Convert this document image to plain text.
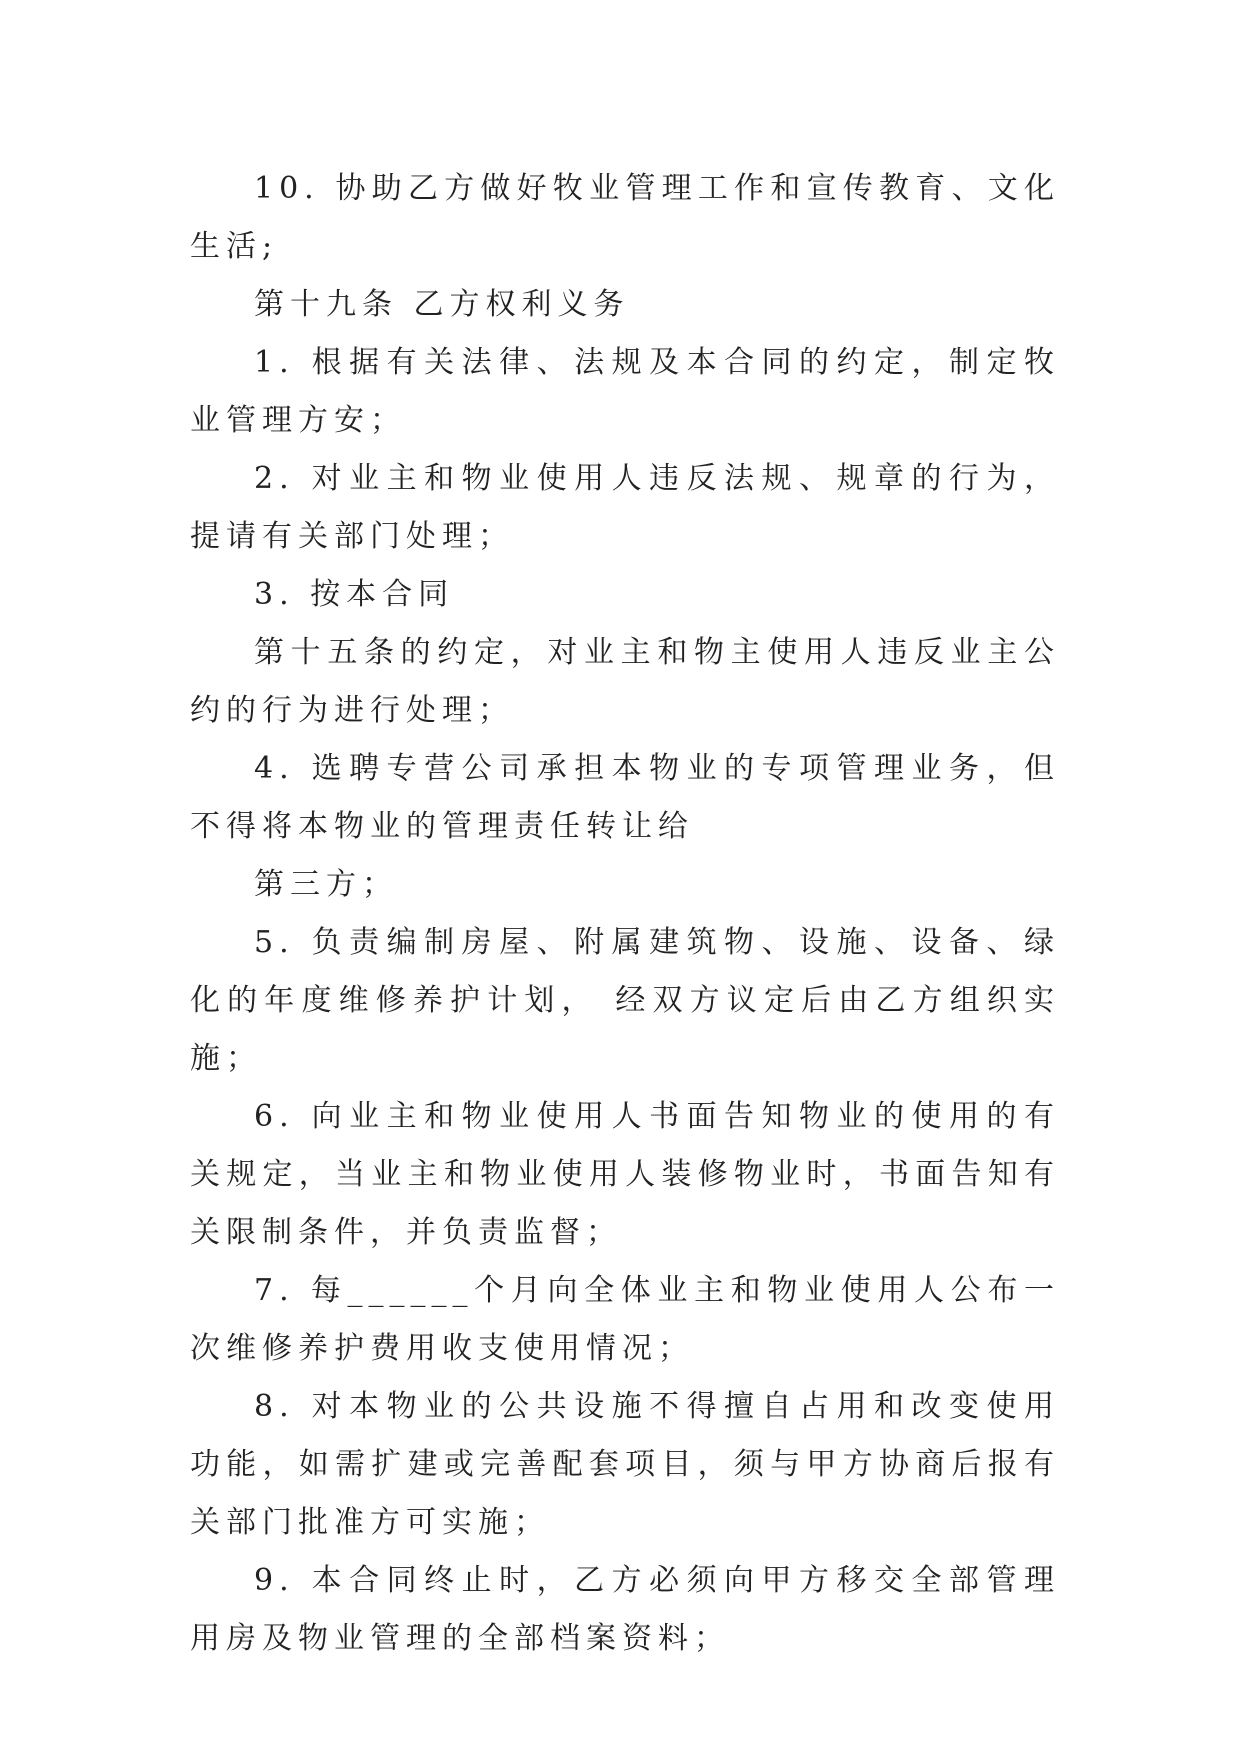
10. 协助乙方做好牧业管理工作和宣传教育、文化生活;

第十九条 乙方权利义务

1. 根据有关法律、法规及本合同的约定，制定牧业管理方安；

2. 对业主和物业使用人违反法规、规章的行为，提请有关部门处理；

3. 按本合同

第十五条的约定，对业主和物主使用人违反业主公约的行为进行处理；

4. 选聘专营公司承担本物业的专项管理业务，但不得将本物业的管理责任转让给

第三方；

5. 负责编制房屋、附属建筑物、设施、设备、绿化的年度维修养护计划， 经双方议定后由乙方组织实施；

6. 向业主和物业使用人书面告知物业的使用的有关规定，当业主和物业使用人装修物业时，书面告知有关限制条件，并负责监督；

7. 每______个月向全体业主和物业使用人公布一次维修养护费用收支使用情况；

8. 对本物业的公共设施不得擅自占用和改变使用功能，如需扩建或完善配套项目，须与甲方协商后报有关部门批准方可实施；

9. 本合同终止时，乙方必须向甲方移交全部管理用房及物业管理的全部档案资料；
